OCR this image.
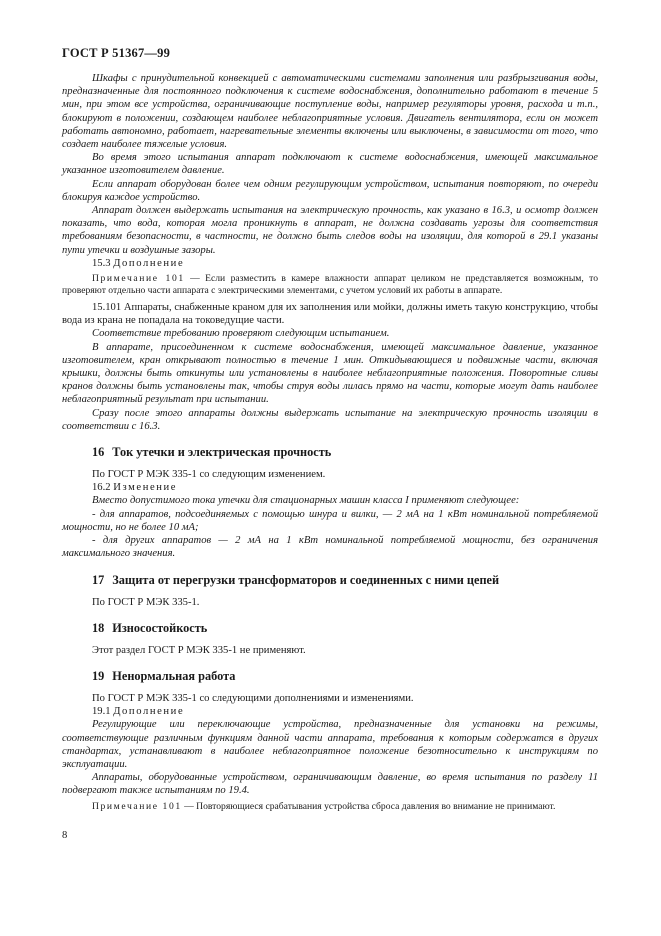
ГОСТ Р 51367—99

Шкафы с принудительной конвекцией с автоматическими системами заполнения или разбрызгивания воды, предназначенные для постоянного подключения к системе водоснабжения, дополнительно работают в течение 5 мин, при этом все устройства, ограничивающие поступление воды, например регуляторы уровня, расхода и т.п., блокируют в положении, создающем наиболее неблагоприятные условия. Двигатель вентилятора, если он может работать автономно, работает, нагревательные элементы включены или выключены, в зависимости от того, что создает наиболее тяжелые условия.

Во время этого испытания аппарат подключают к системе водоснабжения, имеющей максимальное указанное изготовителем давление.

Если аппарат оборудован более чем одним регулирующим устройством, испытания повторяют, по очереди блокируя каждое устройство.

Аппарат должен выдержать испытания на электрическую прочность, как указано в 16.3, и осмотр должен показать, что вода, которая могла проникнуть в аппарат, не должна создавать угрозы для соответствия требованиям безопасности, в частности, не должно быть следов воды на изоляции, для которой в 29.1 указаны пути утечки и воздушные зазоры.

15.3 Дополнение

Примечание 101 — Если разместить в камере влажности аппарат целиком не представляется возможным, то проверяют отдельно части аппарата с электрическими элементами, с учетом условий их работы в аппарате.

15.101 Аппараты, снабженные краном для их заполнения или мойки, должны иметь такую конструкцию, чтобы вода из крана не попадала на токоведущие части.

Соответствие требованию проверяют следующим испытанием.

В аппарате, присоединенном к системе водоснабжения, имеющей максимальное давление, указанное изготовителем, кран открывают полностью в течение 1 мин. Откидывающиеся и подвижные части, включая крышки, должны быть откинуты или установлены в наиболее неблагоприятные положения. Поворотные сливы кранов должны быть установлены так, чтобы струя воды лилась прямо на части, которые могут дать наиболее неблагоприятный результат при испытании.

Сразу после этого аппараты должны выдержать испытание на электрическую прочность изоляции в соответствии с 16.3.

16 Ток утечки и электрическая прочность

По ГОСТ Р МЭК 335-1 со следующим изменением.

16.2 Изменение

Вместо допустимого тока утечки для стационарных машин класса I применяют следующее:

- для аппаратов, подсоединяемых с помощью шнура и вилки, — 2 мА на 1 кВт номинальной потребляемой мощности, но не более 10 мА;

- для других аппаратов — 2 мА на 1 кВт номинальной потребляемой мощности, без ограничения максимального значения.

17 Защита от перегрузки трансформаторов и соединенных с ними цепей

По ГОСТ Р МЭК 335-1.

18 Износостойкость

Этот раздел ГОСТ Р МЭК 335-1 не применяют.

19 Ненормальная работа

По ГОСТ Р МЭК 335-1 со следующими дополнениями и изменениями.

19.1 Дополнение

Регулирующие или переключающие устройства, предназначенные для установки на режимы, соответствующие различным функциям данной части аппарата, требования к которым содержатся в других стандартах, устанавливают в наиболее неблагоприятное положение безотносительно к инструкциям по эксплуатации.

Аппараты, оборудованные устройством, ограничивающим давление, во время испытания по разделу 11 подвергают также испытаниям по 19.4.

Примечание 101 — Повторяющиеся срабатывания устройства сброса давления во внимание не принимают.

8
